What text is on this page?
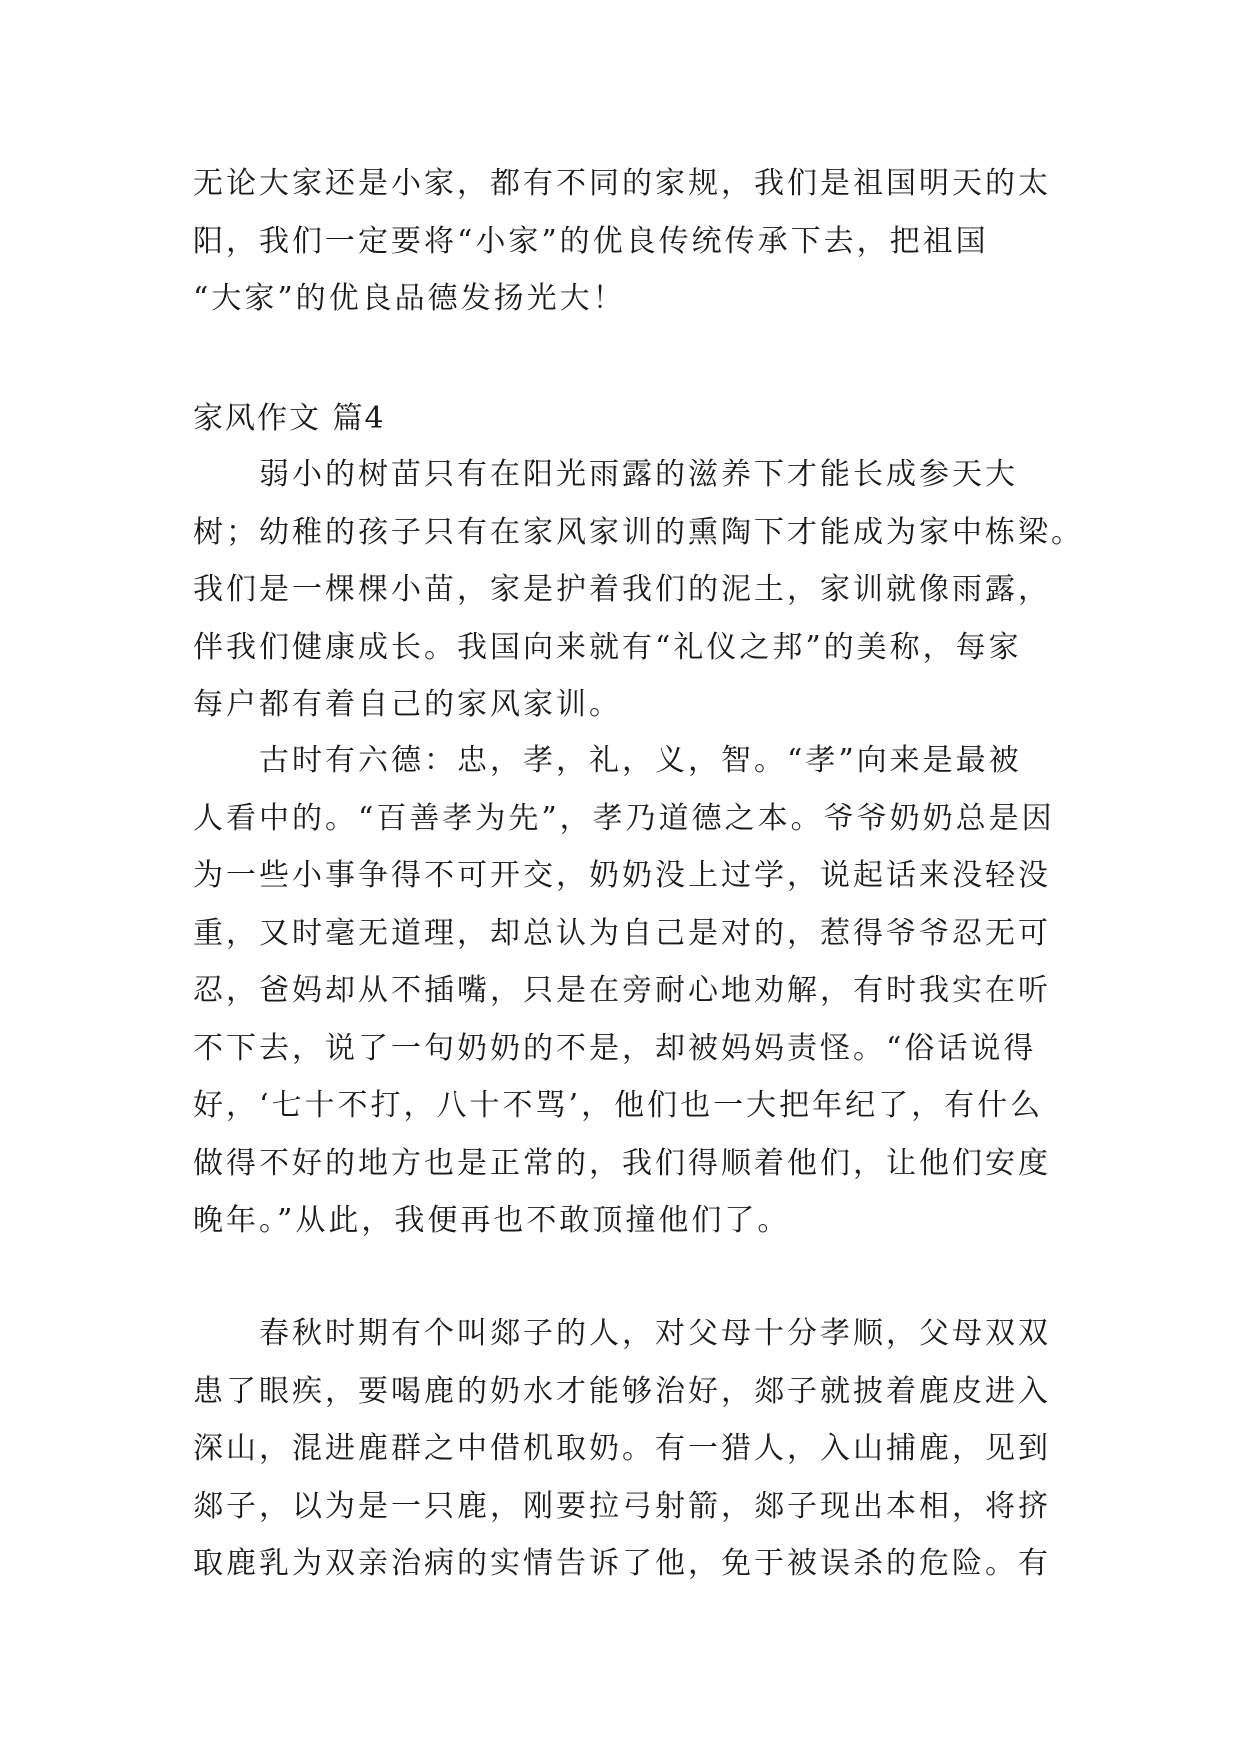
无论大家还是小家，都有不同的家规，我们是祖国明天的太
阳，我们一定要将“小家”的优良传统传承下去，把祖国
“大家”的优良品德发扬光大！
家风作文 篇4
　　弱小的树苗只有在阳光雨露的滋养下才能长成参天大
树；幼稚的孩子只有在家风家训的熏陶下才能成为家中栋梁。
我们是一棵棵小苗，家是护着我们的泥土，家训就像雨露，
伴我们健康成长。我国向来就有“礼仪之邦”的美称，每家
每户都有着自己的家风家训。
　　古时有六德：忠，孝，礼，义，智。“孝”向来是最被
人看中的。“百善孝为先”，孝乃道德之本。爷爷奶奶总是因
为一些小事争得不可开交，奶奶没上过学，说起话来没轻没
重，又时毫无道理，却总认为自己是对的，惹得爷爷忍无可
忍，爸妈却从不插嘴，只是在旁耐心地劝解，有时我实在听
不下去，说了一句奶奶的不是，却被妈妈责怪。“俗话说得
好，‘七十不打，八十不骂’，他们也一大把年纪了，有什么
做得不好的地方也是正常的，我们得顺着他们，让他们安度
晚年。”从此，我便再也不敢顶撞他们了。
　　春秋时期有个叫郯子的人，对父母十分孝顺，父母双双
患了眼疾，要喝鹿的奶水才能够治好，郯子就披着鹿皮进入
深山，混进鹿群之中借机取奶。有一猎人，入山捕鹿，见到
郯子，以为是一只鹿，刚要拉弓射箭，郯子现出本相，将挤
取鹿乳为双亲治病的实情告诉了他，免于被误杀的危险。有
